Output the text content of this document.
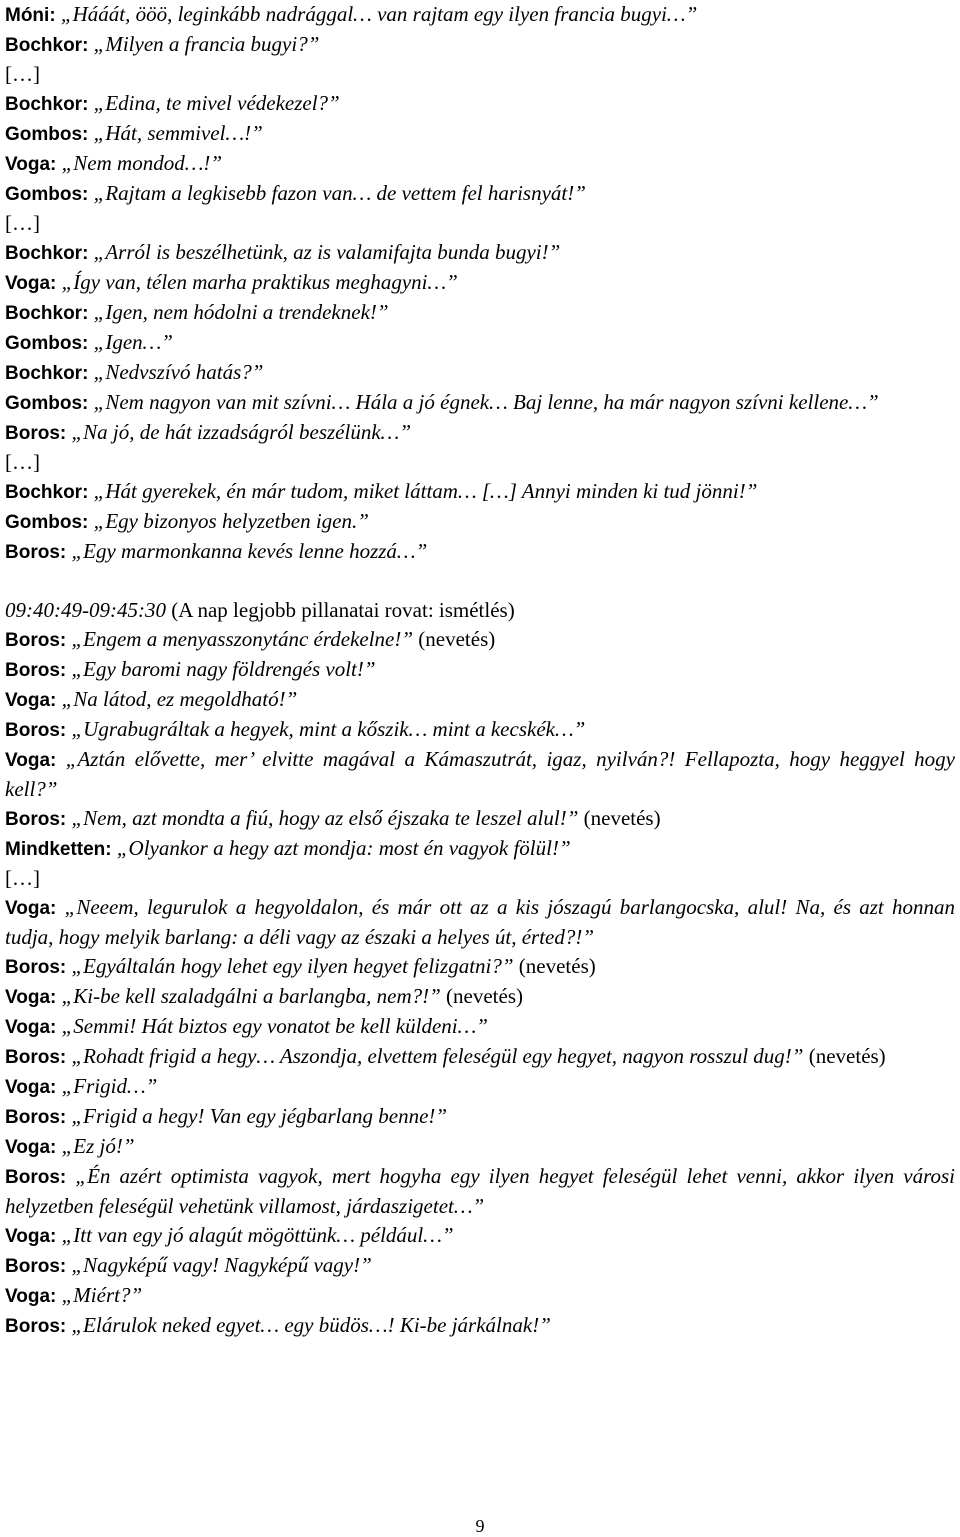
Móni: „Hááát, ööö, leginkább nadrággal… van rajtam egy ilyen francia bugyi…”

Bochkor: „Milyen a francia bugyi?”

[…]

Bochkor: „Edina, te mivel védekezel?”

Gombos: „Hát, semmivel…!”

Voga: „Nem mondod…!”

Gombos: „Rajtam a legkisebb fazon van… de vettem fel harisnyát!”

[…]

Bochkor: „Arról is beszélhetünk, az is valamifajta bunda bugyi!”

Voga: „Így van, télen marha praktikus meghagyni…”

Bochkor: „Igen, nem hódolni a trendeknek!”

Gombos: „Igen…”

Bochkor: „Nedvszívó hatás?”

Gombos: „Nem nagyon van mit szívni… Hála a jó égnek… Baj lenne, ha már nagyon szívni kellene…”

Boros: „Na jó, de hát izzadságról beszélünk…”

[…]

Bochkor: „Hát gyerekek, én már tudom, miket láttam… […] Annyi minden ki tud jönni!”

Gombos: „Egy bizonyos helyzetben igen.”

Boros: „Egy marmonkanna kevés lenne hozzá…”

09:40:49-09:45:30 (A nap legjobb pillanatai rovat: ismétlés)

Boros: „Engem a menyasszonytánc érdekelne!” (nevetés)

Boros: „Egy baromi nagy földrengés volt!”

Voga: „Na látod, ez megoldható!”

Boros: „Ugrabugráltak a hegyek, mint a kőszik… mint a kecskék…”

Voga: „Aztán elővette, mer’ elvitte magával a Kámaszutrát, igaz, nyilván?! Fellapozta, hogy heggyel hogy kell?”

Boros: „Nem, azt mondta a fiú, hogy az első éjszaka te leszel alul!” (nevetés)

Mindketten: „Olyankor a hegy azt mondja: most én vagyok fölül!”

[…]

Voga: „Neeem, legurulok a hegyoldalon, és már ott az a kis jószagú barlangocska, alul! Na, és azt honnan tudja, hogy melyik barlang: a déli vagy az északi a helyes út, érted?!”

Boros: „Egyáltalán hogy lehet egy ilyen hegyet felizgatni?” (nevetés)

Voga: „Ki-be kell szaladgálni a barlangba, nem?!” (nevetés)

Voga: „Semmi! Hát biztos egy vonatot be kell küldeni…”

Boros: „Rohadt frigid a hegy… Aszondja, elvettem feleségül egy hegyet, nagyon rosszul dug!” (nevetés)

Voga: „Frigid…”

Boros: „Frigid a hegy! Van egy jégbarlang benne!”

Voga: „Ez jó!”

Boros: „Én azért optimista vagyok, mert hogyha egy ilyen hegyet feleségül lehet venni, akkor ilyen városi helyzetben feleségül vehetünk villamost, járdaszigetet…”

Voga: „Itt van egy jó alagút mögöttünk… például…”

Boros: „Nagyképű vagy! Nagyképű vagy!”

Voga: „Miért?”

Boros: „Elárulok neked egyet… egy büdös…! Ki-be járkálnak!”

9
